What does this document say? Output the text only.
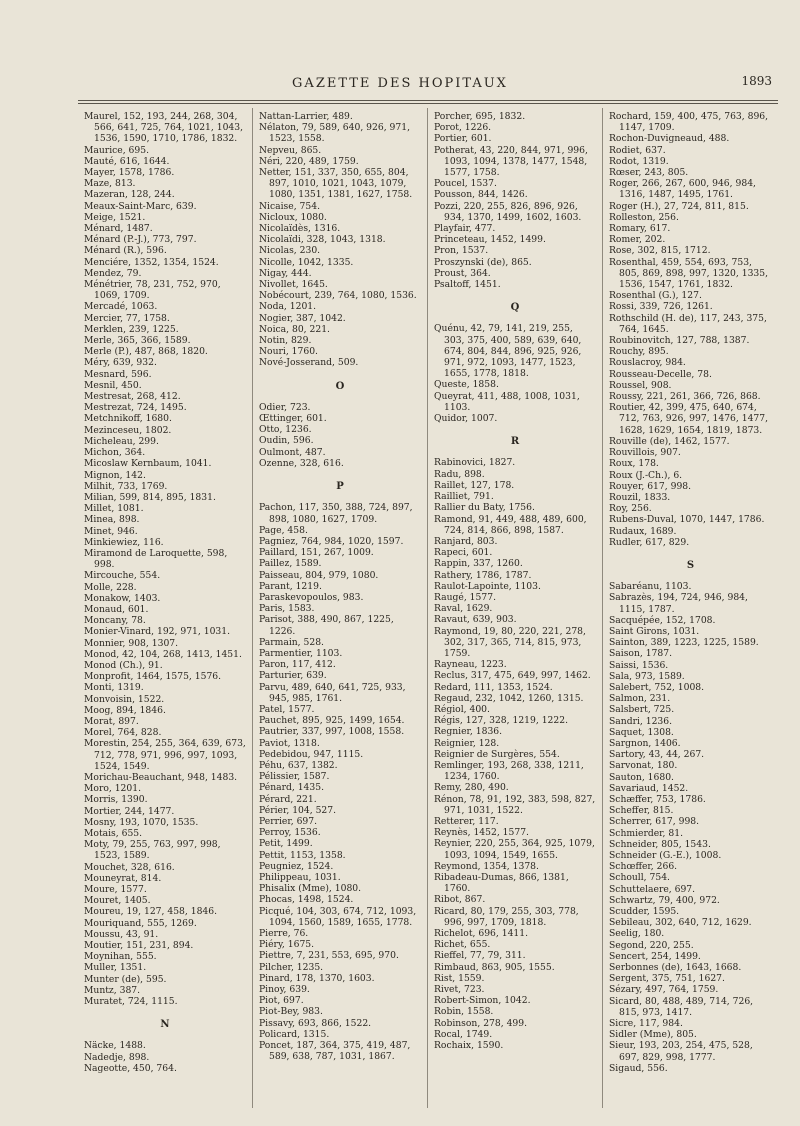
GAZETTE DES HOPITAUX	1893

Maurel, 152, 193, 244, 268, 304, 566, 641, 725, 764, 1021, 1043, 1536, 1590, 1710, 1786, 1832.

Maurice, 695.

Mauté, 616, 1644.

Mayer, 1578, 1786.

Maze, 813.

Mazeran, 128, 244.

Meaux-Saint-Marc, 639.

Meige, 1521.

Ménard, 1487.

Ménard (P.-J.), 773, 797.

Ménard (R.), 596.

Menciére, 1352, 1354, 1524.

Mendez, 79.

Ménétrier, 78, 231, 752, 970, 1069, 1709.

Mercadé, 1063.

Mercier, 77, 1758.

Merklen, 239, 1225.

Merle, 365, 366, 1589.

Merle (P.), 487, 868, 1820.

Méry, 639, 932.

Mesnard, 596.

Mesnil, 450.

Mestresat, 268, 412.

Mestrezat, 724, 1495.

Metchnikoff, 1680.

Mezinceseu, 1802.

Micheleau, 299.

Michon, 364.

Micoslaw Kernbaum, 1041.

Mignon, 142.

Milhit, 733, 1769.

Milian, 599, 814, 895, 1831.

Millet, 1081.

Minea, 898.

Minet, 946.

Minkiewiez, 116.

Miramond de Laroquette, 598, 998.

Mircouche, 554.

Molle, 228.

Monakow, 1403.

Monaud, 601.

Moncany, 78.

Monier-Vinard, 192, 971, 1031.

Monnier, 908, 1307.

Monod, 42, 104, 268, 1413, 1451.

Monod (Ch.), 91.

Monprofit, 1464, 1575, 1576.

Monti, 1319.

Monvoisin, 1522.

Moog, 894, 1846.

Morat, 897.

Morel, 764, 828.

Morestin, 254, 255, 364, 639, 673, 712, 778, 971, 996, 997, 1093, 1524, 1549.

Morichau-Beauchant, 948, 1483.

Moro, 1201.

Morris, 1390.

Mortier, 244, 1477.

Mosny, 193, 1070, 1535.

Motais, 655.

Moty, 79, 255, 763, 997, 998, 1523, 1589.

Mouchet, 328, 616.

Mouneyrat, 814.

Moure, 1577.

Mouret, 1405.

Moureu, 19, 127, 458, 1846.

Mouriquand, 555, 1269.

Moussu, 43, 91.

Moutier, 151, 231, 894.

Moynihan, 555.

Muller, 1351.

Munter (de), 595.

Muntz, 387.

Muratet, 724, 1115.

N

Näcke, 1488.

Nadedje, 898.

Nageotte, 450, 764.

Nattan-Larrier, 489.

Nélaton, 79, 589, 640, 926, 971, 1523, 1558.

Nepveu, 865.

Néri, 220, 489, 1759.

Netter, 151, 337, 350, 655, 804, 897, 1010, 1021, 1043, 1079, 1080, 1351, 1381, 1627, 1758.

Nicaise, 754.

Nicloux, 1080.

Nicolaïdès, 1316.

Nicolaïdi, 328, 1043, 1318.

Nicolas, 230.

Nicolle, 1042, 1335.

Nigay, 444.

Nivollet, 1645.

Nobécourt, 239, 764, 1080, 1536.

Noda, 1201.

Nogier, 387, 1042.

Noica, 80, 221.

Notin, 829.

Nouri, 1760.

Nové-Josserand, 509.

O

Odier, 723.

Œttinger, 601.

Otto, 1236.

Oudin, 596.

Oulmont, 487.

Ozenne, 328, 616.

P

Pachon, 117, 350, 388, 724, 897, 898, 1080, 1627, 1709.

Page, 458.

Pagniez, 764, 984, 1020, 1597.

Paillard, 151, 267, 1009.

Paillez, 1589.

Paisseau, 804, 979, 1080.

Parant, 1219.

Paraskevopoulos, 983.

Paris, 1583.

Parisot, 388, 490, 867, 1225, 1226.

Parmain, 528.

Parmentier, 1103.

Paron, 117, 412.

Parturier, 639.

Parvu, 489, 640, 641, 725, 933, 945, 985, 1761.

Patel, 1577.

Pauchet, 895, 925, 1499, 1654.

Pautrier, 337, 997, 1008, 1558.

Paviot, 1318.

Pedebidou, 947, 1115.

Péhu, 637, 1382.

Pélissier, 1587.

Pénard, 1435.

Pérard, 221.

Périer, 104, 527.

Perrier, 697.

Perroy, 1536.

Petit, 1499.

Pettit, 1153, 1358.

Peugniez, 1524.

Philippeau, 1031.

Phisalix (Mme), 1080.

Phocas, 1498, 1524.

Picqué, 104, 303, 674, 712, 1093, 1094, 1560, 1589, 1655, 1778.

Pierre, 76.

Piéry, 1675.

Piettre, 7, 231, 553, 695, 970.

Pilcher, 1235.

Pinard, 178, 1370, 1603.

Pinoy, 639.

Piot, 697.

Piot-Bey, 983.

Pissavy, 693, 866, 1522.

Policard, 1315.

Poncet, 187, 364, 375, 419, 487, 589, 638, 787, 1031, 1867.

Porcher, 695, 1832.

Porot, 1226.

Portier, 601.

Potherat, 43, 220, 844, 971, 996, 1093, 1094, 1378, 1477, 1548, 1577, 1758.

Poucel, 1537.

Pousson, 844, 1426.

Pozzi, 220, 255, 826, 896, 926, 934, 1370, 1499, 1602, 1603.

Playfair, 477.

Princeteau, 1452, 1499.

Pron, 1537.

Proszynski (de), 865.

Proust, 364.

Psaltoff, 1451.

Q

Quénu, 42, 79, 141, 219, 255, 303, 375, 400, 589, 639, 640, 674, 804, 844, 896, 925, 926, 971, 972, 1093, 1477, 1523, 1655, 1778, 1818.

Queste, 1858.

Queyrat, 411, 488, 1008, 1031, 1103.

Quidor, 1007.

R

Rabinovici, 1827.

Radu, 898.

Raillet, 127, 178.

Railliet, 791.

Rallier du Baty, 1756.

Ramond, 91, 449, 488, 489, 600, 724, 814, 866, 898, 1587.

Ranjard, 803.

Rapeci, 601.

Rappin, 337, 1260.

Rathery, 1786, 1787.

Raulot-Lapointe, 1103.

Raugé, 1577.

Raval, 1629.

Ravaut, 639, 903.

Raymond, 19, 80, 220, 221, 278, 302, 317, 365, 714, 815, 973, 1759.

Rayneau, 1223.

Reclus, 317, 475, 649, 997, 1462.

Redard, 111, 1353, 1524.

Regaud, 232, 1042, 1260, 1315.

Régiol, 400.

Régis, 127, 328, 1219, 1222.

Regnier, 1836.

Reignier, 128.

Reignier de Surgères, 554.

Remlinger, 193, 268, 338, 1211, 1234, 1760.

Remy, 280, 490.

Rénon, 78, 91, 192, 383, 598, 827, 971, 1031, 1522.

Retterer, 117.

Reynès, 1452, 1577.

Reynier, 220, 255, 364, 925, 1079, 1093, 1094, 1549, 1655.

Reymond, 1354, 1378.

Ribadeau-Dumas, 866, 1381, 1760.

Ribot, 867.

Ricard, 80, 179, 255, 303, 778, 996, 997, 1709, 1818.

Richelot, 696, 1411.

Richet, 655.

Rieffel, 77, 79, 311.

Rimbaud, 863, 905, 1555.

Rist, 1559.

Rivet, 723.

Robert-Simon, 1042.

Robin, 1558.

Robinson, 278, 499.

Rocal, 1749.

Rochaix, 1590.

Rochard, 159, 400, 475, 763, 896, 1147, 1709.

Rochon-Duvigneaud, 488.

Rodiet, 637.

Rodot, 1319.

Rœser, 243, 805.

Roger, 266, 267, 600, 946, 984, 1316, 1487, 1495, 1761.

Roger (H.), 27, 724, 811, 815.

Rolleston, 256.

Romary, 617.

Romer, 202.

Rose, 302, 815, 1712.

Rosenthal, 459, 554, 693, 753, 805, 869, 898, 997, 1320, 1335, 1536, 1547, 1761, 1832.

Rosenthal (G.), 127.

Rossi, 339, 726, 1261.

Rothschild (H. de), 117, 243, 375, 764, 1645.

Roubinovitch, 127, 788, 1387.

Rouchy, 895.

Rouslacroy, 984.

Rousseau-Decelle, 78.

Roussel, 908.

Roussy, 221, 261, 366, 726, 868.

Routier, 42, 399, 475, 640, 674, 712, 763, 926, 997, 1476, 1477, 1628, 1629, 1654, 1819, 1873.

Rouville (de), 1462, 1577.

Rouvillois, 907.

Roux, 178.

Roux (J.-Ch.), 6.

Rouyer, 617, 998.

Rouzil, 1833.

Roy, 256.

Rubens-Duval, 1070, 1447, 1786.

Rudaux, 1689.

Rudler, 617, 829.

S

Sabaréanu, 1103.

Sabrazès, 194, 724, 946, 984, 1115, 1787.

Sacquépée, 152, 1708.

Saint Girons, 1031.

Sainton, 389, 1223, 1225, 1589.

Saison, 1787.

Saissi, 1536.

Sala, 973, 1589.

Salebert, 752, 1008.

Salmon, 231.

Salsbert, 725.

Sandri, 1236.

Saquet, 1308.

Sargnon, 1406.

Sartory, 43, 44, 267.

Sarvonat, 180.

Sauton, 1680.

Savariaud, 1452.

Schæffer, 753, 1786.

Scheffer, 815.

Scherrer, 617, 998.

Schmierder, 81.

Schneider, 805, 1543.

Schneider (G.-E.), 1008.

Schœffer, 266.

Schoull, 754.

Schuttelaere, 697.

Schwartz, 79, 400, 972.

Scudder, 1595.

Sebileau, 302, 640, 712, 1629.

Seelig, 180.

Segond, 220, 255.

Sencert, 254, 1499.

Serbonnes (de), 1643, 1668.

Sergent, 375, 751, 1627.

Sézary, 497, 764, 1759.

Sicard, 80, 488, 489, 714, 726, 815, 973, 1417.

Sicre, 117, 984.

Sidler (Mme), 805.

Sieur, 193, 203, 254, 475, 528, 697, 829, 998, 1777.

Sigaud, 556.
